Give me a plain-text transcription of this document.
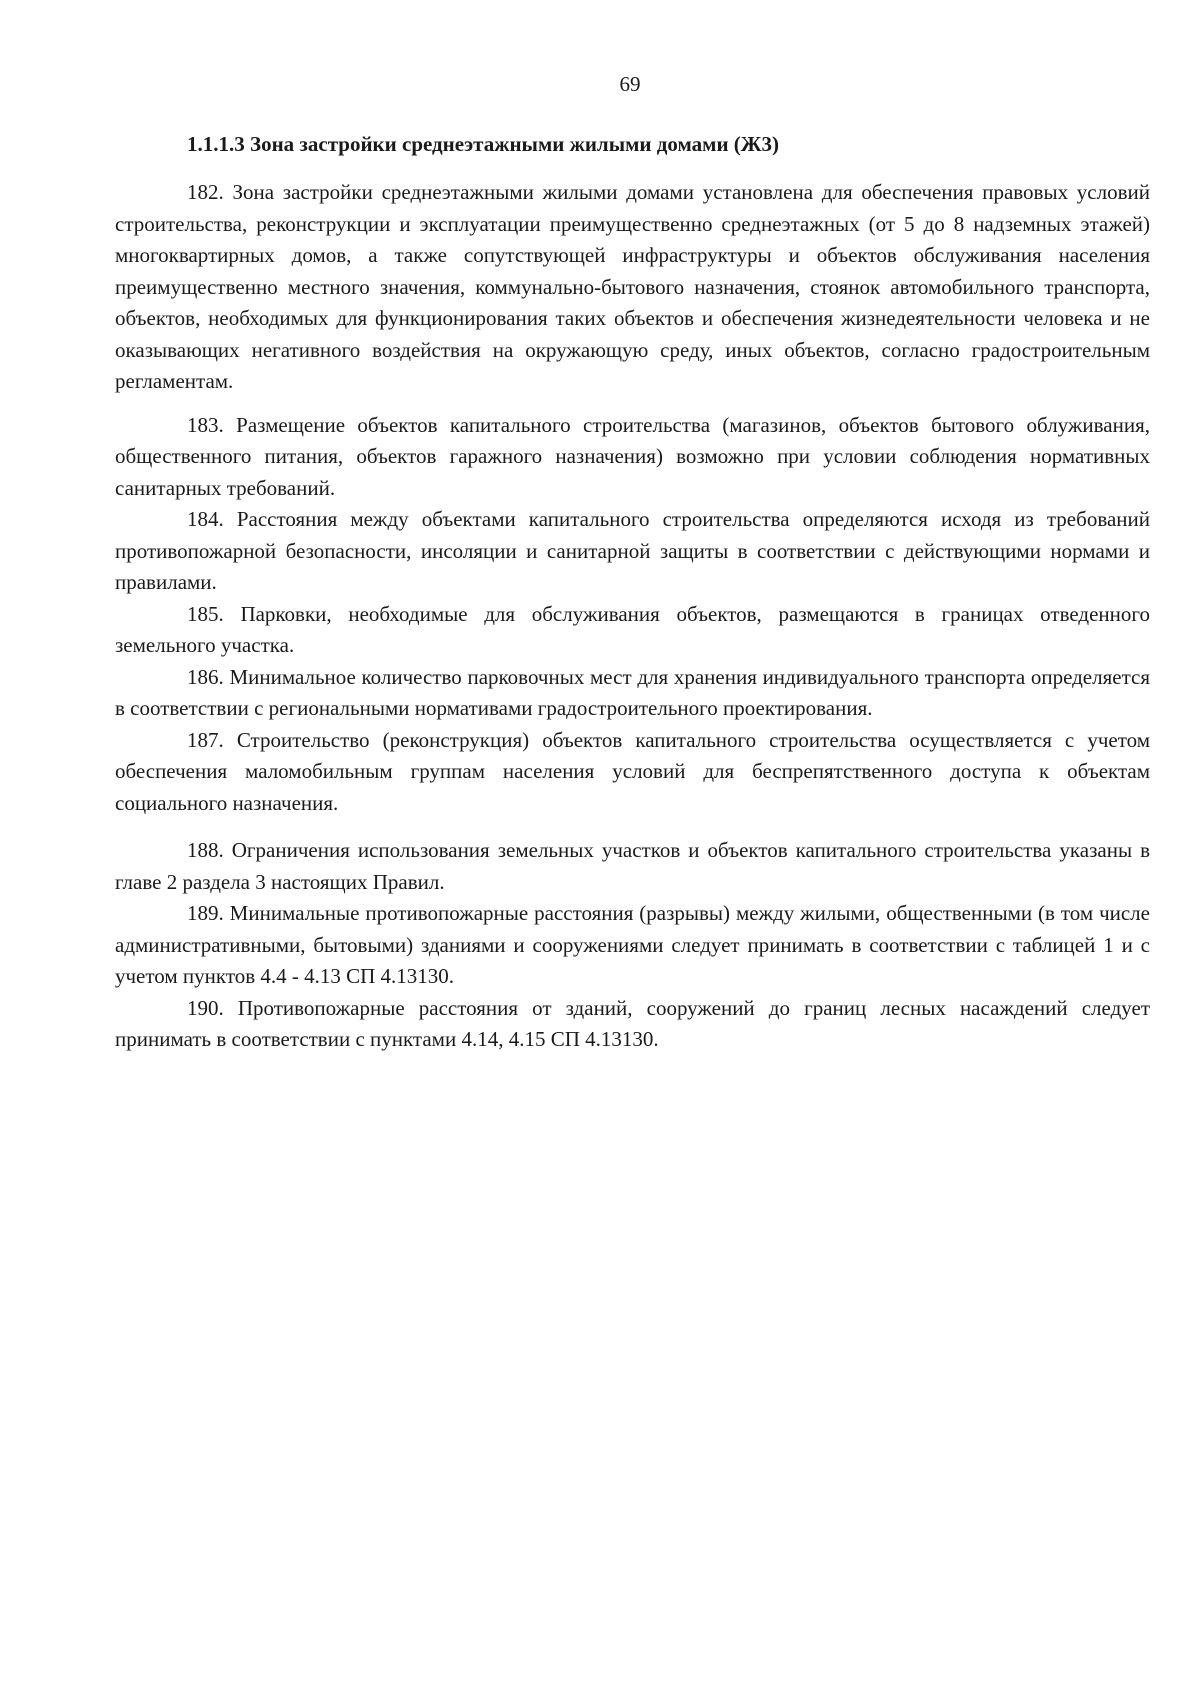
69

1.1.1.3 Зона застройки среднеэтажными жилыми домами (Ж3)

182. Зона застройки среднеэтажными жилыми домами установлена для обеспечения правовых условий строительства, реконструкции и эксплуатации преимущественно среднеэтажных (от 5 до 8 надземных этажей) многоквартирных домов, а также сопутствующей инфраструктуры и объектов обслуживания населения преимущественно местного значения, коммунально-бытового назначения, стоянок автомобильного транспорта, объектов, необходимых для функционирования таких объектов и обеспечения жизнедеятельности человека и не оказывающих негативного воздействия на окружающую среду, иных объектов, согласно градостроительным регламентам.

183. Размещение объектов капитального строительства (магазинов, объектов бытового облуживания, общественного питания, объектов гаражного назначения) возможно при условии соблюдения нормативных санитарных требований.

184. Расстояния между объектами капитального строительства определяются исходя из требований противопожарной безопасности, инсоляции и санитарной защиты в соответствии с действующими нормами и правилами.

185. Парковки, необходимые для обслуживания объектов, размещаются в границах отведенного земельного участка.

186. Минимальное количество парковочных мест для хранения индивидуального транспорта определяется в соответствии с региональными нормативами градостроительного проектирования.

187. Строительство (реконструкция) объектов капитального строительства осуществляется с учетом обеспечения маломобильным группам населения условий для беспрепятственного доступа к объектам социального назначения.

188. Ограничения использования земельных участков и объектов капитального строительства указаны в главе 2 раздела 3 настоящих Правил.

189. Минимальные противопожарные расстояния (разрывы) между жилыми, общественными (в том числе административными, бытовыми) зданиями и сооружениями следует принимать в соответствии с таблицей 1 и с учетом пунктов 4.4 - 4.13 СП 4.13130.

190. Противопожарные расстояния от зданий, сооружений до границ лесных насаждений следует принимать в соответствии с пунктами 4.14, 4.15 СП 4.13130.
